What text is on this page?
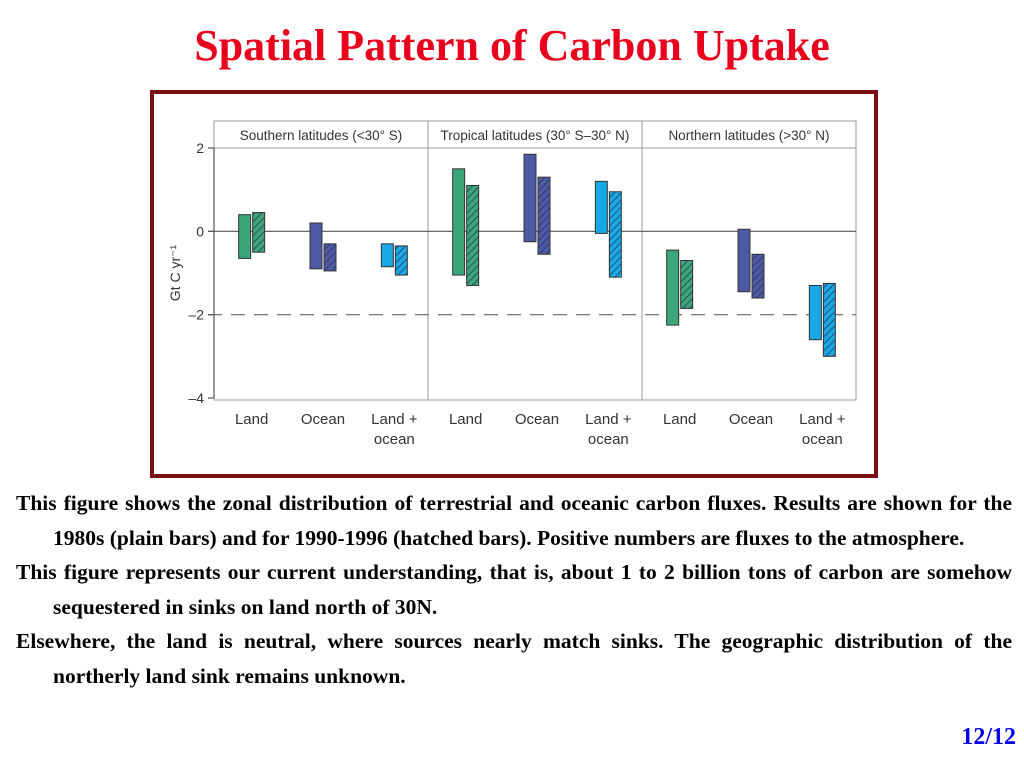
Spatial Pattern of Carbon Uptake
2
0
–2
–4
Gt C yr⁻¹
Southern latitudes (<30° S)
Land Ocean Land +
ocean
Tropical latitudes (30° S–30° N)
Land Ocean Land +
ocean
Northern latitudes (>30° N)
Land Ocean Land +
ocean

This figure shows the zonal distribution of terrestrial and oceanic carbon fluxes. Results are shown for the 1980s (plain bars) and for 1990-1996 (hatched bars). Positive numbers are fluxes to the atmosphere.

This figure represents our current understanding, that is, about 1 to 2 billion tons of carbon are somehow sequestered in sinks on land north of 30N.

Elsewhere, the land is neutral, where sources nearly match sinks. The geographic distribution of the northerly land sink remains unknown.

12/12
